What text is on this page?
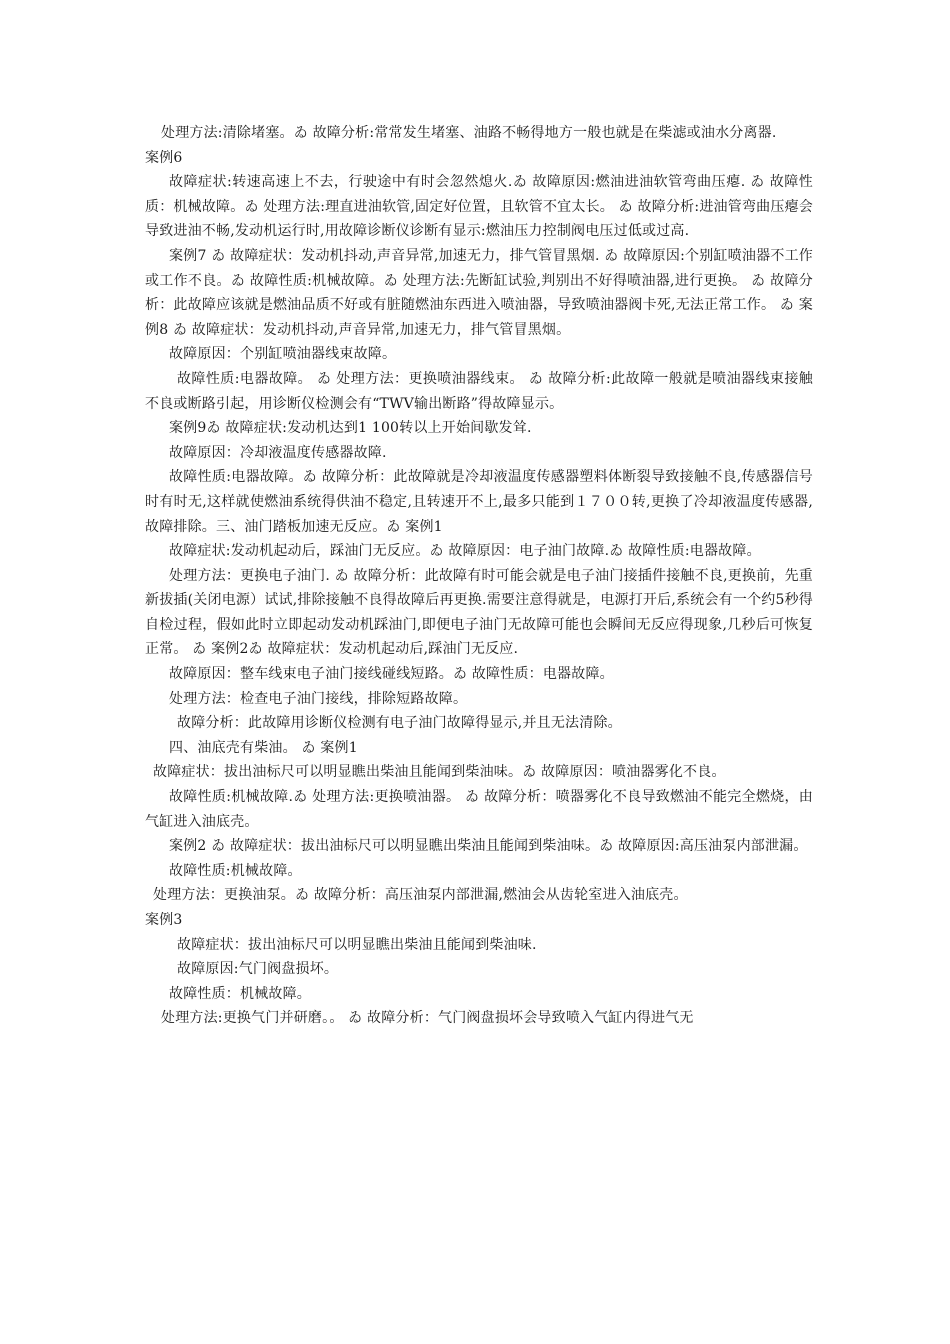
处理方法:清除堵塞。ゐ 故障分析:常常发生堵塞、油路不畅得地方一般也就是在柴滤或油水分离器.

案例6

故障症状:转速高速上不去，行驶途中有时会忽然熄火.ゐ 故障原因:燃油进油软管弯曲压瘪. ゐ 故障性质：机械故障。ゐ 处理方法:理直进油软管,固定好位置，且软管不宜太长。 ゐ 故障分析:进油管弯曲压瘪会导致进油不畅,发动机运行时,用故障诊断仪诊断有显示:燃油压力控制阀电压过低或过高.

案例7 ゐ 故障症状：发动机抖动,声音异常,加速无力，排气管冒黑烟. ゐ 故障原因:个别缸喷油器不工作或工作不良。ゐ 故障性质:机械故障。ゐ 处理方法:先断缸试验,判别出不好得喷油器,进行更换。 ゐ 故障分析：此故障应该就是燃油品质不好或有脏随燃油东西进入喷油器，导致喷油器阀卡死,无法正常工作。 ゐ 案例8 ゐ 故障症状：发动机抖动,声音异常,加速无力，排气管冒黑烟。

故障原因：个别缸喷油器线束故障。

故障性质:电器故障。 ゐ 处理方法：更换喷油器线束。 ゐ 故障分析:此故障一般就是喷油器线束接触不良或断路引起，用诊断仪检测会有“TWV输出断路”得故障显示。

案例9ゐ 故障症状:发动机达到1 100转以上开始间歇发耸.

故障原因：冷却液温度传感器故障.

故障性质:电器故障。ゐ 故障分析：此故障就是冷却液温度传感器塑料体断裂导致接触不良,传感器信号时有时无,这样就使燃油系统得供油不稳定,且转速开不上,最多只能到１７００转,更换了冷却液温度传感器,故障排除。三、油门踏板加速无反应。ゐ 案例1

故障症状:发动机起动后，踩油门无反应。ゐ 故障原因：电子油门故障.ゐ 故障性质:电器故障。

处理方法：更换电子油门. ゐ 故障分析：此故障有时可能会就是电子油门接插件接触不良,更换前，先重新拔插(关闭电源）试试,排除接触不良得故障后再更换.需要注意得就是，电源打开后,系统会有一个约5秒得自检过程，假如此时立即起动发动机踩油门,即便电子油门无故障可能也会瞬间无反应得现象,几秒后可恢复正常。 ゐ 案例2ゐ 故障症状：发动机起动后,踩油门无反应.

故障原因：整车线束电子油门接线碰线短路。ゐ 故障性质：电器故障。

处理方法：检查电子油门接线，排除短路故障。

故障分析：此故障用诊断仪检测有电子油门故障得显示,并且无法清除。

四、油底壳有柴油。 ゐ 案例1

故障症状：拔出油标尺可以明显瞧出柴油且能闻到柴油味。ゐ 故障原因：喷油器雾化不良。

故障性质:机械故障.ゐ 处理方法:更换喷油器。 ゐ 故障分析：喷器雾化不良导致燃油不能完全燃烧，由气缸进入油底壳。

案例2 ゐ 故障症状：拔出油标尺可以明显瞧出柴油且能闻到柴油味。ゐ 故障原因:高压油泵内部泄漏。

故障性质:机械故障。

处理方法：更换油泵。ゐ 故障分析：高压油泵内部泄漏,燃油会从齿轮室进入油底壳。

案例3

故障症状：拔出油标尺可以明显瞧出柴油且能闻到柴油味.

故障原因:气门阀盘损坏。

故障性质：机械故障。

处理方法:更换气门并研磨。。 ゐ 故障分析：气门阀盘损坏会导致喷入气缸内得进气无
